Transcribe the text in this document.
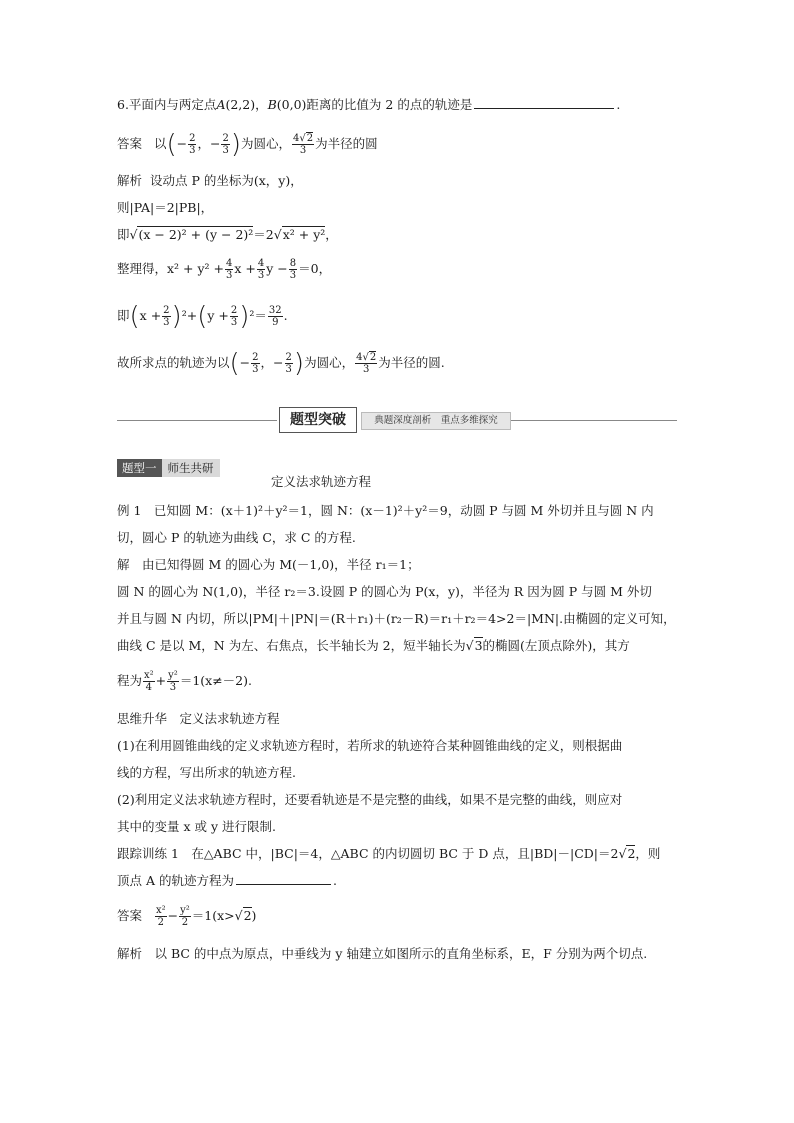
6.平面内与两定点A(2,2)，B(0,0)距离的比值为 2 的点的轨迹是	.
答案 以(− $\frac{2}{3}$ ，− $\frac{2}{3}$ )为圆心， $\frac{4√2}{3}$ 为半径的圆
解析 设动点 P 的坐标为(x，y)，
则|PA|＝2|PB|，
即√(x − 2)² + (y − 2)²＝2√x² + y²，
整理得，$x^2 + y^2 + \frac{4}{3}$ $x + \frac{4}{3}$ $y - \frac{8}{3} =0$，
即$(x + \frac{2}{3} )^2+(y + \frac{2}{3} )^2= \frac{32}{9}$ .
故所求点的轨迹为以(− $\frac{2}{3}$ ，− $\frac{2}{3}$ )为圆心， $\frac{4√2}{3}$ 为半径的圆.
题型突破	典题深度剖析　重点多维探究
题型一 师生共研
定义法求轨迹方程
例 1　已知圆 M：(x＋1)²＋y²＝1，圆 N：(x－1)²＋y²＝9，动圆 P 与圆 M 外切并且与圆 N 内
切，圆心 P 的轨迹为曲线 C，求 C 的方程.
解　由已知得圆 M 的圆心为 M(－1,0)，半径 r₁＝1；
圆 N 的圆心为 N(1,0)，半径 r₂＝3.设圆 P 的圆心为 P(x，y)，半径为 R 因为圆 P 与圆 M 外切
并且与圆 N 内切，所以|PM|＋|PN|＝(R＋r₁)＋(r₂－R)＝r₁＋r₂＝4>2＝|MN|.由椭圆的定义可知，
曲线 C 是以 M，N 为左、右焦点，长半轴长为 2，短半轴长为√3的椭圆(左顶点除外)，其方
程为 $\frac{\text{x²}}{4} + \frac{\text{y²}}{3} =1(x\ne-2)$.
思维升华　定义法求轨迹方程
(1)在利用圆锥曲线的定义求轨迹方程时，若所求的轨迹符合某种圆锥曲线的定义，则根据曲
线的方程，写出所求的轨迹方程.
(2)利用定义法求轨迹方程时，还要看轨迹是不是完整的曲线，如果不是完整的曲线，则应对
其中的变量 x 或 y 进行限制.
跟踪训练 1　在△ABC 中，|BC|＝4，△ABC 的内切圆切 BC 于 D 点，且|BD|－|CD|＝2√2，则
顶点 A 的轨迹方程为	.
答案 $\frac{\text{x²}}{2} - \frac{\text{y²}}{2} =1(x>√2)$
解析　以 BC 的中点为原点，中垂线为 y 轴建立如图所示的直角坐标系，E，F 分别为两个切点.
